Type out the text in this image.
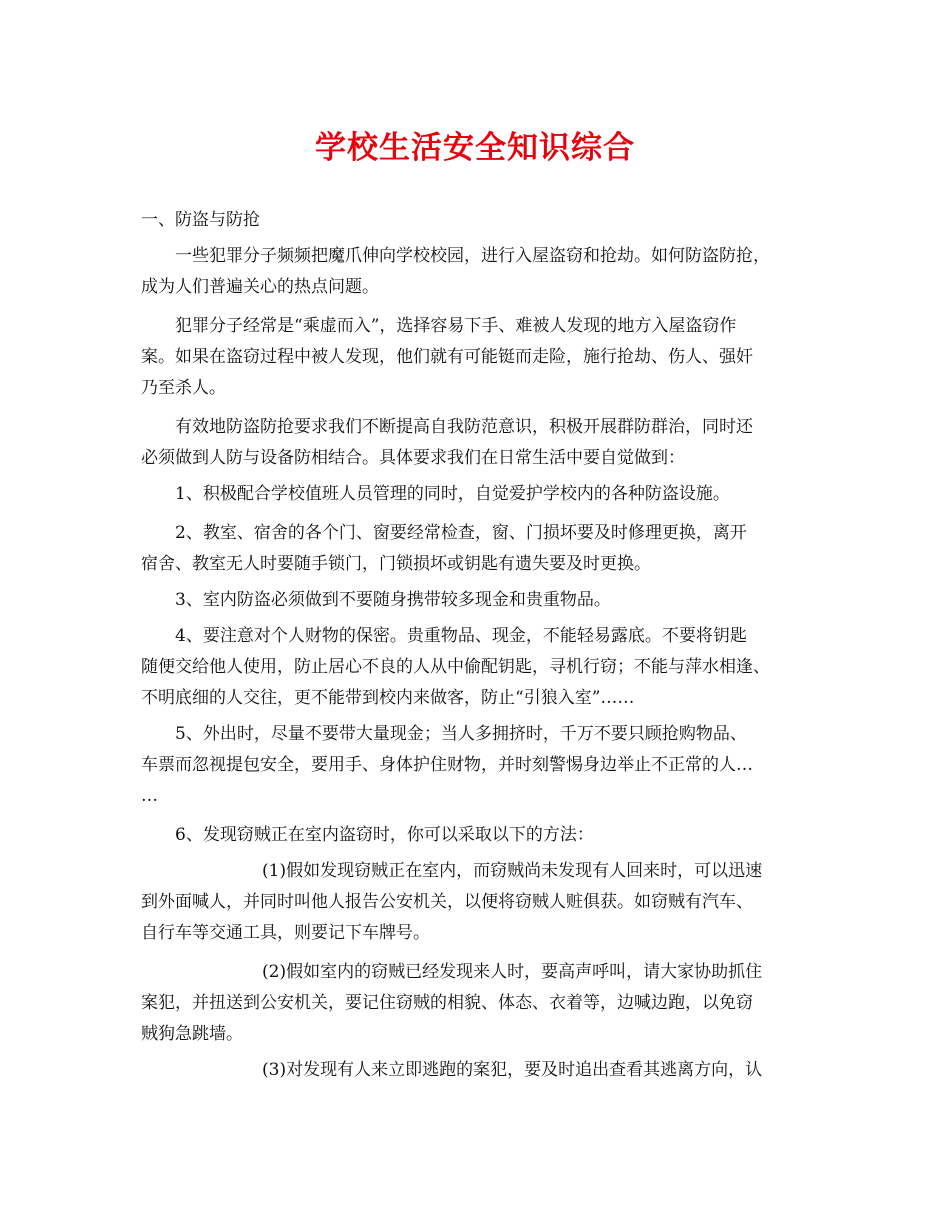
学校生活安全知识综合
一、防盗与防抢
一些犯罪分子频频把魔爪伸向学校校园，进行入屋盗窃和抢劫。如何防盗防抢，
成为人们普遍关心的热点问题。
犯罪分子经常是“乘虚而入”，选择容易下手、难被人发现的地方入屋盗窃作
案。如果在盗窃过程中被人发现，他们就有可能铤而走险，施行抢劫、伤人、强奸
乃至杀人。
有效地防盗防抢要求我们不断提高自我防范意识，积极开展群防群治，同时还
必须做到人防与设备防相结合。具体要求我们在日常生活中要自觉做到：
1、积极配合学校值班人员管理的同时，自觉爱护学校内的各种防盗设施。
2、教室、宿舍的各个门、窗要经常检查，窗、门损坏要及时修理更换，离开
宿舍、教室无人时要随手锁门，门锁损坏或钥匙有遗失要及时更换。
3、室内防盗必须做到不要随身携带较多现金和贵重物品。
4、要注意对个人财物的保密。贵重物品、现金，不能轻易露底。不要将钥匙
随便交给他人使用，防止居心不良的人从中偷配钥匙，寻机行窃；不能与萍水相逢、
不明底细的人交往，更不能带到校内来做客，防止“引狼入室”……
5、外出时，尽量不要带大量现金；当人多拥挤时，千万不要只顾抢购物品、
车票而忽视提包安全，要用手、身体护住财物，并时刻警惕身边举止不正常的人…
…
6、发现窃贼正在室内盗窃时，你可以采取以下的方法：
(1)假如发现窃贼正在室内，而窃贼尚未发现有人回来时，可以迅速
到外面喊人，并同时叫他人报告公安机关，以便将窃贼人赃俱获。如窃贼有汽车、
自行车等交通工具，则要记下车牌号。
(2)假如室内的窃贼已经发现来人时，要高声呼叫，请大家协助抓住
案犯，并扭送到公安机关，要记住窃贼的相貌、体态、衣着等，边喊边跑，以免窃
贼狗急跳墙。
(3)对发现有人来立即逃跑的案犯，要及时追出查看其逃离方向，认
